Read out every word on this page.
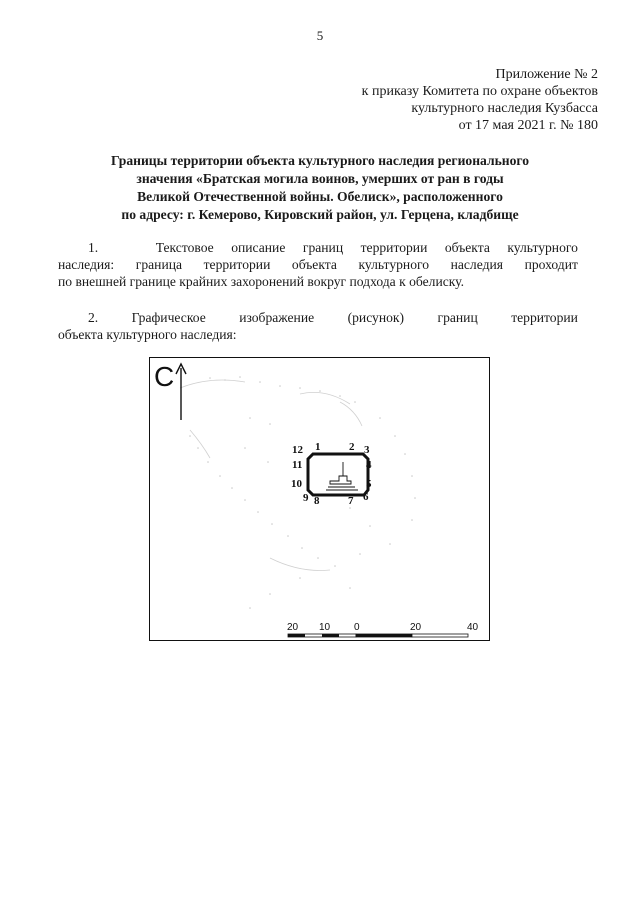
5
Приложение № 2
к приказу Комитета по охране объектов
культурного наследия Кузбасса
от 17 мая 2021 г. № 180
Границы территории объекта культурного наследия регионального
значения «Братская могила воинов, умерших от ран в годы
Великой Отечественной войны. Обелиск», расположенного
по адресу: г. Кемерово, Кировский район, ул. Герцена, кладбище
1.	Текстовое описание границ территории объекта культурного
наследия: граница территории объекта культурного наследия проходит
по внешней границе крайних захоронений вокруг подхода к обелиску.
2. Графическое изображение (рисунок) границ территории
объекта культурного наследия:
С
1	2 3
4
5
6
7
8
9
10
11
12
20 10 0	20	40
